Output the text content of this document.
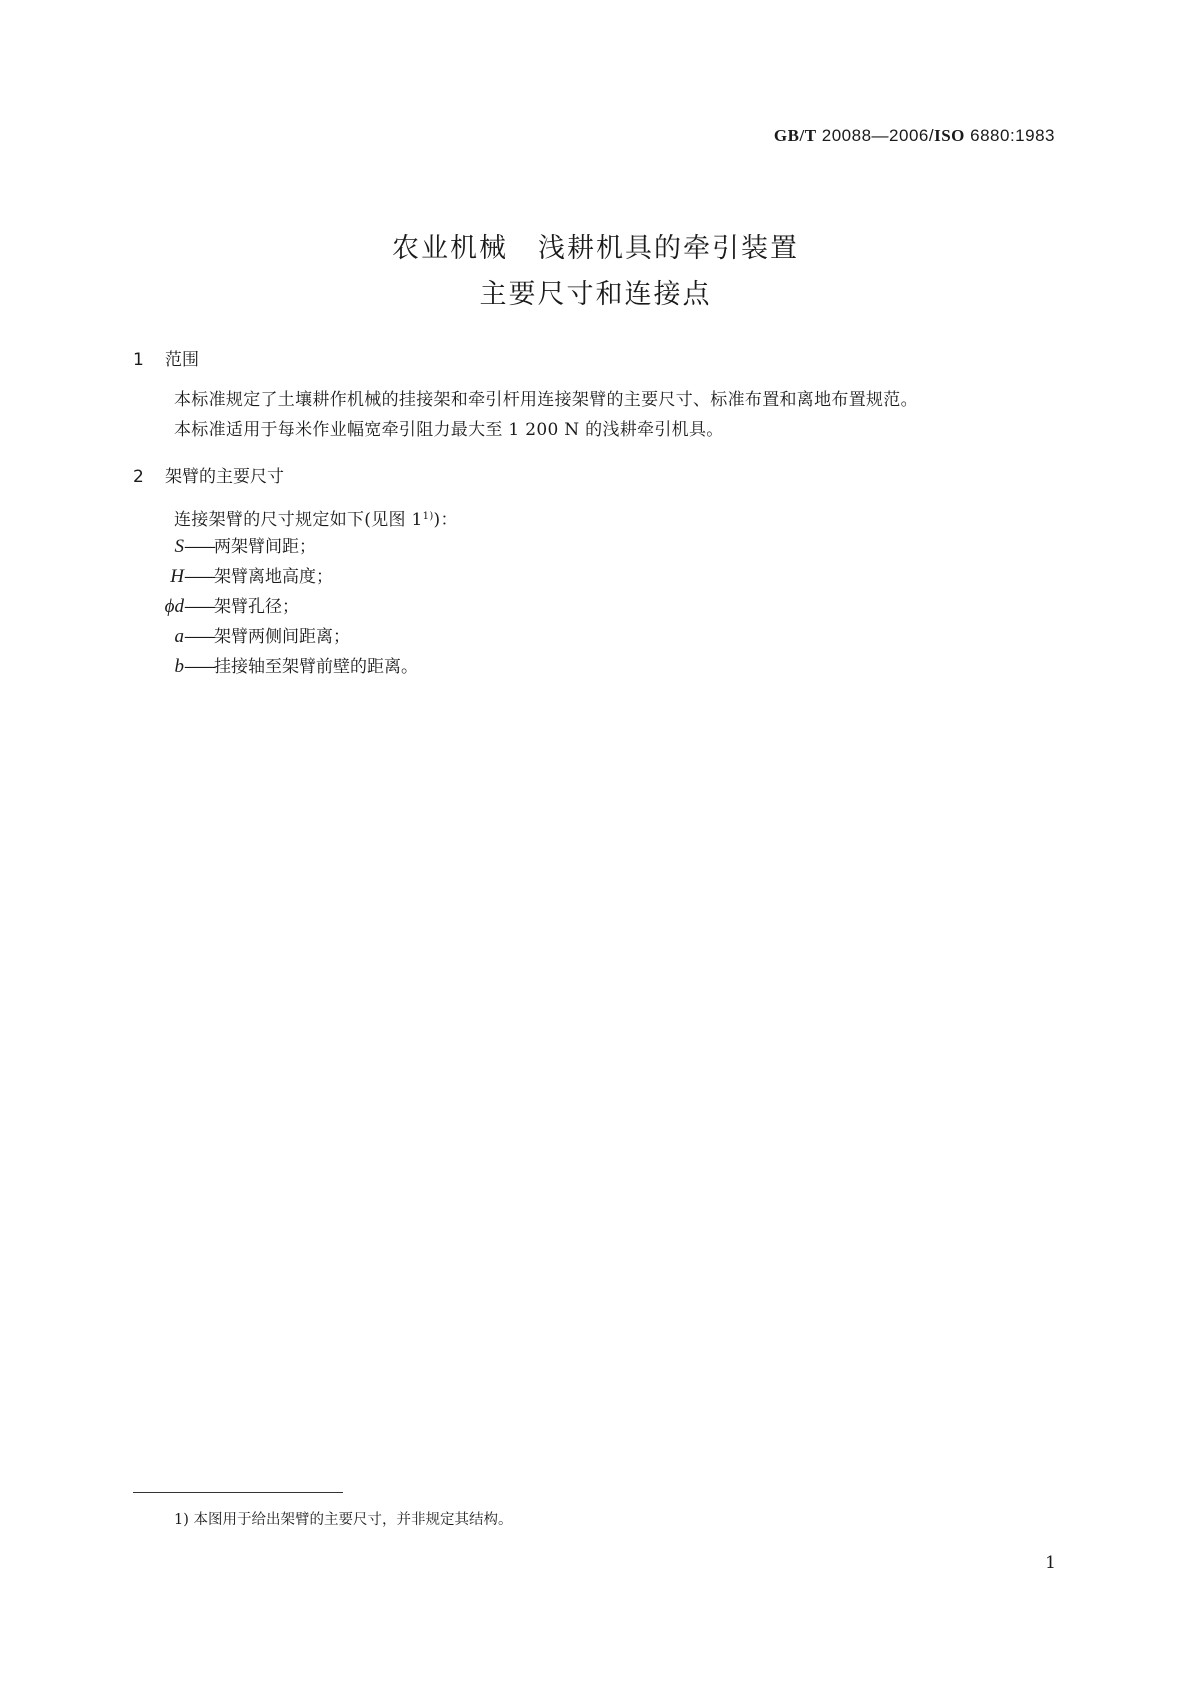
GB/T 20088—2006/ISO 6880:1983
农业机械 浅耕机具的牵引装置
主要尺寸和连接点
1 范围
本标准规定了土壤耕作机械的挂接架和牵引杆用连接架臂的主要尺寸、标准布置和离地布置规范。
本标准适用于每米作业幅宽牵引阻力最大至 1 200 N 的浅耕牵引机具。
2 架臂的主要尺寸
连接架臂的尺寸规定如下(见图 1$^{1)}$)：
S——两架臂间距；
H——架臂离地高度；
ϕd——架臂孔径；
a——架臂两侧间距离；
b——挂接轴至架臂前壁的距离。
1) 本图用于给出架臂的主要尺寸，并非规定其结构。
1
